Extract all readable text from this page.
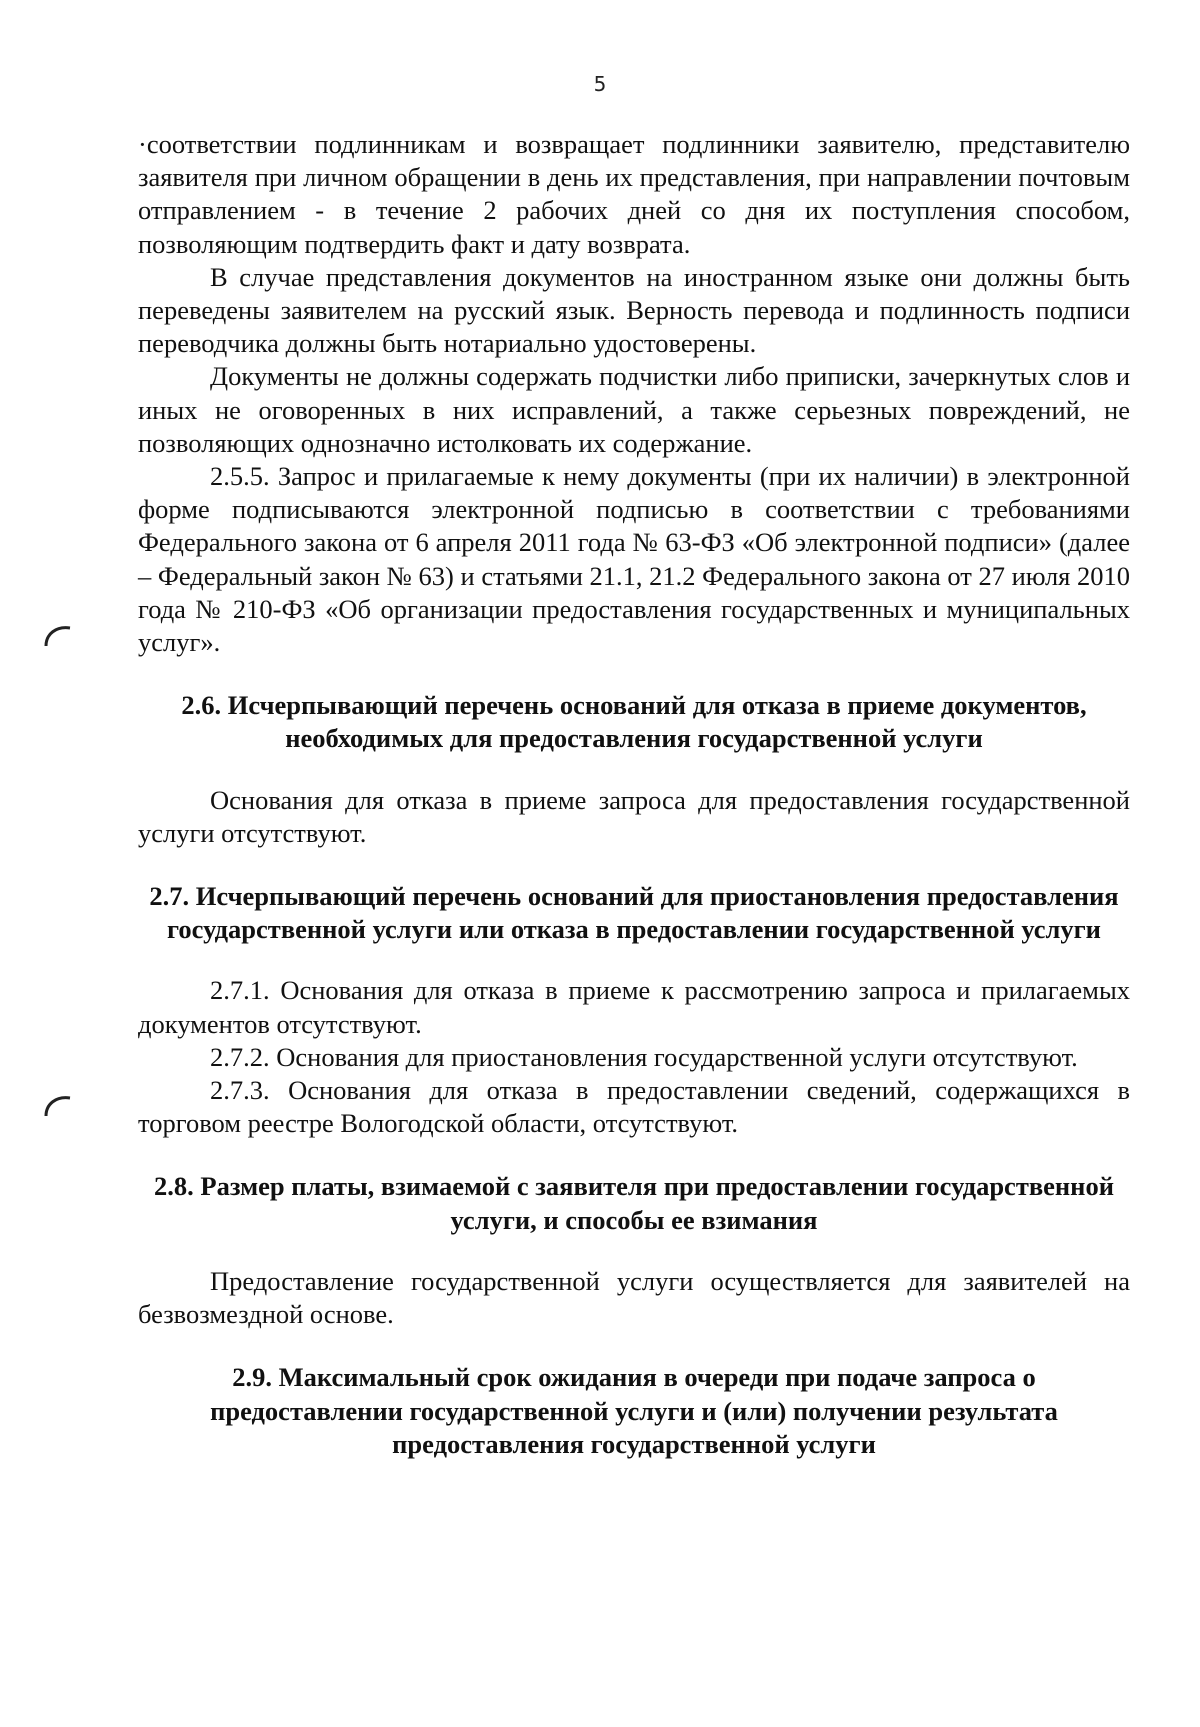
5

·соответствии подлинникам и возвращает подлинники заявителю, представителю заявителя при личном обращении в день их представления, при направлении почтовым отправлением - в течение 2 рабочих дней со дня их поступления способом, позволяющим подтвердить факт и дату возврата.

В случае представления документов на иностранном языке они должны быть переведены заявителем на русский язык. Верность перевода и подлинность подписи переводчика должны быть нотариально удостоверены.

Документы не должны содержать подчистки либо приписки, зачеркнутых слов и иных не оговоренных в них исправлений, а также серьезных повреждений, не позволяющих однозначно истолковать их содержание.

2.5.5. Запрос и прилагаемые к нему документы (при их наличии) в электронной форме подписываются электронной подписью в соответствии с требованиями Федерального закона от 6 апреля 2011 года № 63-ФЗ «Об электронной подписи» (далее – Федеральный закон № 63) и статьями 21.1, 21.2 Федерального закона от 27 июля 2010 года № 210-ФЗ «Об организации предоставления государственных и муниципальных услуг».

2.6. Исчерпывающий перечень оснований для отказа в приеме документов, необходимых для предоставления государственной услуги

Основания для отказа в приеме запроса для предоставления государственной услуги отсутствуют.

2.7. Исчерпывающий перечень оснований для приостановления предоставления государственной услуги или отказа в предоставлении государственной услуги

2.7.1. Основания для отказа в приеме к рассмотрению запроса и прилагаемых документов отсутствуют.

2.7.2. Основания для приостановления государственной услуги отсутствуют.

2.7.3. Основания для отказа в предоставлении сведений, содержащихся в торговом реестре Вологодской области, отсутствуют.

2.8. Размер платы, взимаемой с заявителя при предоставлении государственной услуги, и способы ее взимания

Предоставление государственной услуги осуществляется для заявителей на безвозмездной основе.

2.9. Максимальный срок ожидания в очереди при подаче запроса о предоставлении государственной услуги и (или) получении результата предоставления государственной услуги
